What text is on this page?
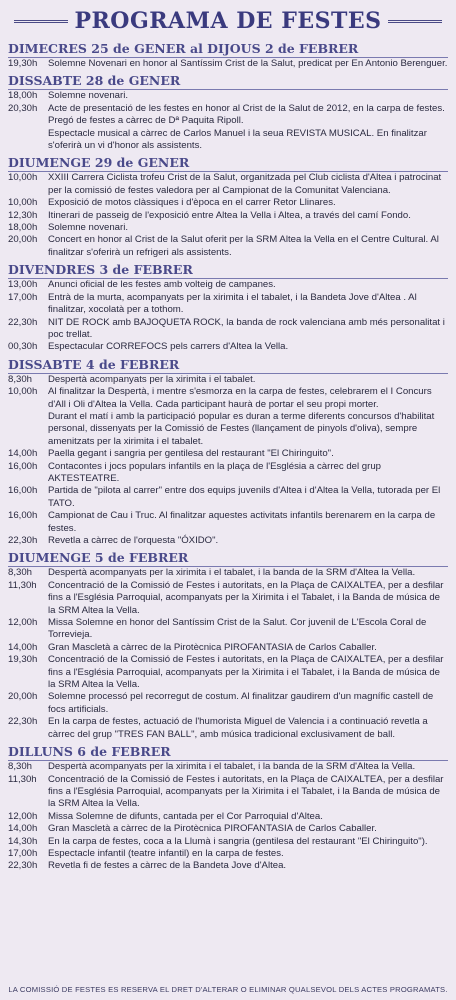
PROGRAMA DE FESTES
DIMECRES 25 de GENER al DIJOUS 2 de FEBRER
19,30h	Solemne Novenari en honor al Santíssim Crist de la Salut, predicat per En Antonio Berenguer.
DISSABTE 28 de GENER
18,00h	Solemne novenari.
20,30h	Acte de presentació de les festes en honor al Crist de la Salut de 2012, en la carpa de festes.
Pregó de festes a càrrec de Dª Paquita Ripoll.
Espectacle musical a càrrec de Carlos Manuel i la seua REVISTA MUSICAL. En finalitzar s'oferirà un vi d'honor als assistents.
DIUMENGE 29 de GENER
10,00h	XXIII Carrera Ciclista trofeu Crist de la Salut, organitzada pel Club ciclista d'Altea i patrocinat per la comissió de festes valedora per al Campionat de la Comunitat Valenciana.
10,00h	Exposició de motos clàssiques i d'època en el carrer Retor Llinares.
12,30h	Itinerari de passeig de l'exposició entre Altea la Vella i Altea, a través del camí Fondo.
18,00h	Solemne novenari.
20,00h	Concert en honor al Crist de la Salut oferit per la SRM Altea la Vella en el Centre Cultural. Al finalitzar s'oferirà un refrigeri als assistents.
DIVENDRES 3 de FEBRER
13,00h	Anunci oficial de les festes amb volteig de campanes.
17,00h	Entrà de la murta, acompanyats per la xirimita i el tabalet, i la Bandeta Jove d'Altea . Al finalitzar, xocolatà per a tothom.
22,30h	NIT DE ROCK amb BAJOQUETA ROCK, la banda de rock valenciana amb més personalitat i poc trellat.
00,30h	Espectacular CORREFOCS pels carrers d'Altea la Vella.
DISSABTE 4 de FEBRER
8,30h	Despertà acompanyats per la xirimita i el tabalet.
10,00h	Al finalitzar la Despertà, i mentre s'esmorza en la carpa de festes, celebrarem el I Concurs d'All i Oli d'Altea la Vella. Cada participant haurà de portar el seu propi morter.
Durant el matí i amb la participació popular es duran a terme diferents concursos d'habilitat personal, dissenyats per la Comissió de Festes (llançament de pinyols d'oliva), sempre amenitzats per la xirimita i el tabalet.
14,00h	Paella gegant i sangria per gentilesa del restaurant "El Chiringuito".
16,00h	Contacontes i jocs populars infantils en la plaça de l'Església a càrrec del grup AKTESTEATRE.
16,00h	Partida de "pilota al carrer" entre dos equips juvenils d'Altea i d'Altea la Vella, tutorada per El TATO.
16,00h	Campionat de Cau i Truc. Al finalitzar aquestes activitats infantils berenarem en la carpa de festes.
22,30h	Revetla a càrrec de l'orquesta "ÓXIDO".
DIUMENGE 5 de FEBRER
8,30h	Despertà acompanyats per la xirimita i el tabalet, i la banda de la SRM d'Altea la Vella.
11,30h	Concentració de la Comissió de Festes i autoritats, en la Plaça de CAIXALTEA, per a desfilar fins a l'Església Parroquial, acompanyats per la Xirimita i el Tabalet, i la Banda de música de la SRM Altea la Vella.
12,00h	Missa Solemne en honor del Santíssim Crist de la Salut. Cor juvenil de L'Escola Coral de Torrevieja.
14,00h	Gran Mascletà a càrrec de la Pirotècnica PIROFANTASIA de Carlos Caballer.
19,30h	Concentració de la Comissió de Festes i autoritats, en la Plaça de CAIXALTEA, per a desfilar fins a l'Església Parroquial, acompanyats per la Xirimita i el Tabalet, i la Banda de música de la SRM Altea la Vella.
20,00h	Solemne processó pel recorregut de costum. Al finalitzar gaudirem d'un magnífic castell de focs artificials.
22,30h	En la carpa de festes, actuació de l'humorista Miguel de Valencia i a continuació revetla a càrrec del grup "TRES FAN BALL", amb música tradicional exclusivament de ball.
DILLUNS 6 de FEBRER
8,30h	Despertà acompanyats per la xirimita i el tabalet, i la banda de la SRM d'Altea la Vella.
11,30h	Concentració de la Comissió de Festes i autoritats, en la Plaça de CAIXALTEA, per a desfilar fins a l'Església Parroquial, acompanyats per la Xirimita i el Tabalet, i la Banda de música de la SRM Altea la Vella.
12,00h	Missa Solemne de difunts, cantada per el Cor Parroquial d'Altea.
14,00h	Gran Mascletà a càrrec de la Pirotècnica PIROFANTASIA de Carlos Caballer.
14,30h	En la carpa de festes, coca a la Llumà i sangria (gentilesa del restaurant "El Chiringuito").
17,00h	Espectacle infantil (teatre infantil) en la carpa de festes.
22,30h	Revetla fi de festes a càrrec de la Bandeta Jove d'Altea.
LA COMISSIÓ DE FESTES ES RESERVA EL DRET D'ALTERAR O ELIMINAR QUALSEVOL DELS ACTES PROGRAMATS.
